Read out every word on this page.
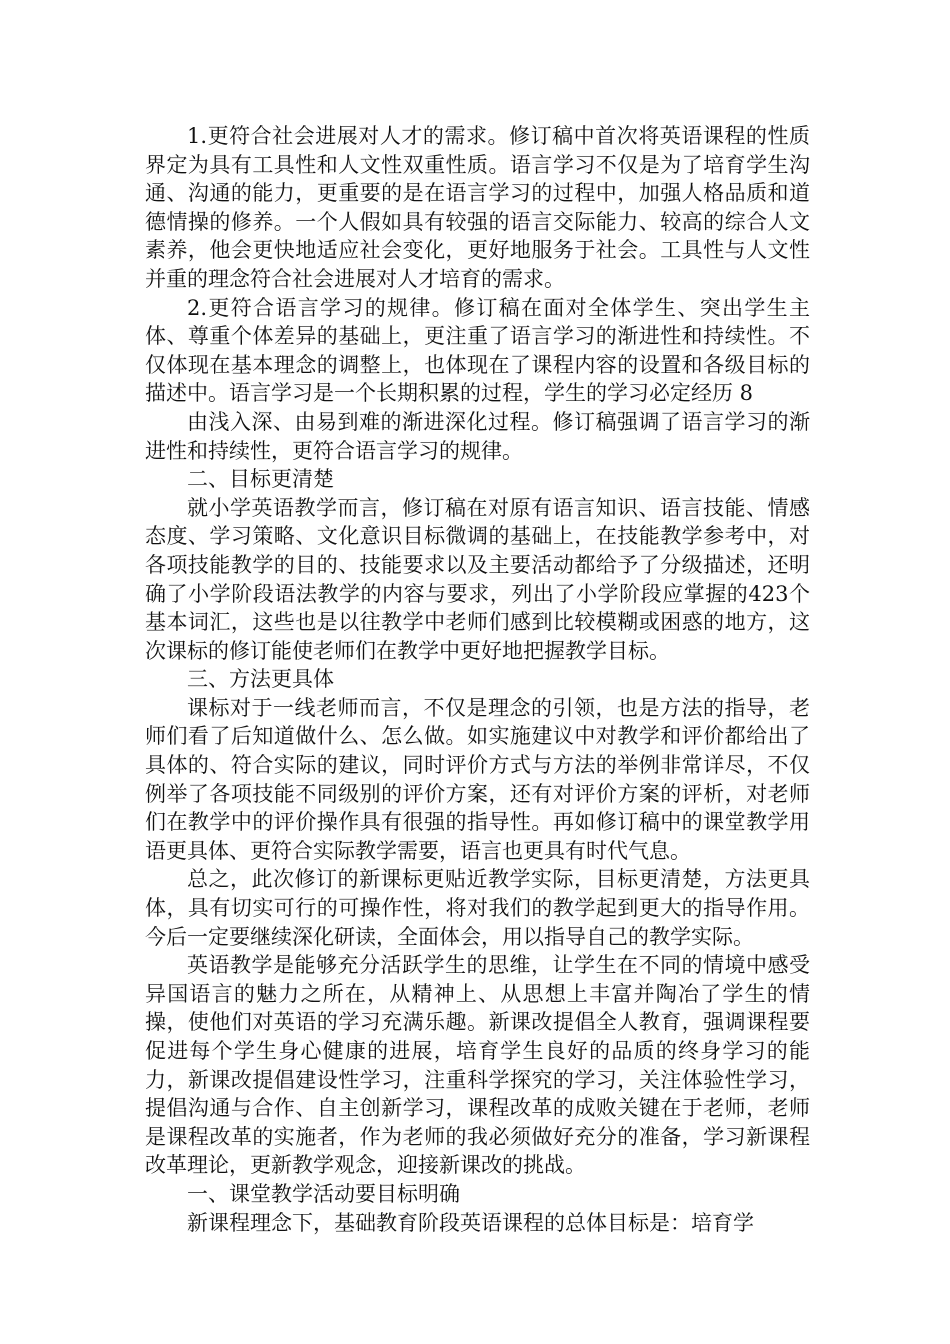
1.更符合社会进展对人才的需求。修订稿中首次将英语课程的性质界定为具有工具性和人文性双重性质。语言学习不仅是为了培育学生沟通、沟通的能力，更重要的是在语言学习的过程中，加强人格品质和道德情操的修养。一个人假如具有较强的语言交际能力、较高的综合人文素养，他会更快地适应社会变化，更好地服务于社会。工具性与人文性并重的理念符合社会进展对人才培育的需求。

2.更符合语言学习的规律。修订稿在面对全体学生、突出学生主体、尊重个体差异的基础上，更注重了语言学习的渐进性和持续性。不仅体现在基本理念的调整上，也体现在了课程内容的设置和各级目标的描述中。语言学习是一个长期积累的过程，学生的学习必定经历 8

由浅入深、由易到难的渐进深化过程。修订稿强调了语言学习的渐进性和持续性，更符合语言学习的规律。

二、目标更清楚

就小学英语教学而言，修订稿在对原有语言知识、语言技能、情感态度、学习策略、文化意识目标微调的基础上，在技能教学参考中，对各项技能教学的目的、技能要求以及主要活动都给予了分级描述，还明确了小学阶段语法教学的内容与要求，列出了小学阶段应掌握的423个基本词汇，这些也是以往教学中老师们感到比较模糊或困惑的地方，这次课标的修订能使老师们在教学中更好地把握教学目标。

三、方法更具体

课标对于一线老师而言，不仅是理念的引领，也是方法的指导，老师们看了后知道做什么、怎么做。如实施建议中对教学和评价都给出了具体的、符合实际的建议，同时评价方式与方法的举例非常详尽，不仅例举了各项技能不同级别的评价方案，还有对评价方案的评析，对老师们在教学中的评价操作具有很强的指导性。再如修订稿中的课堂教学用语更具体、更符合实际教学需要，语言也更具有时代气息。

总之，此次修订的新课标更贴近教学实际，目标更清楚，方法更具体，具有切实可行的可操作性，将对我们的教学起到更大的指导作用。今后一定要继续深化研读，全面体会，用以指导自己的教学实际。

英语教学是能够充分活跃学生的思维，让学生在不同的情境中感受异国语言的魅力之所在，从精神上、从思想上丰富并陶冶了学生的情操，使他们对英语的学习充满乐趣。新课改提倡全人教育，强调课程要促进每个学生身心健康的进展，培育学生良好的品质的终身学习的能力，新课改提倡建设性学习，注重科学探究的学习，关注体验性学习，提倡沟通与合作、自主创新学习，课程改革的成败关键在于老师，老师是课程改革的实施者，作为老师的我必须做好充分的准备，学习新课程改革理论，更新教学观念，迎接新课改的挑战。

一、课堂教学活动要目标明确

新课程理念下，基础教育阶段英语课程的总体目标是：培育学
